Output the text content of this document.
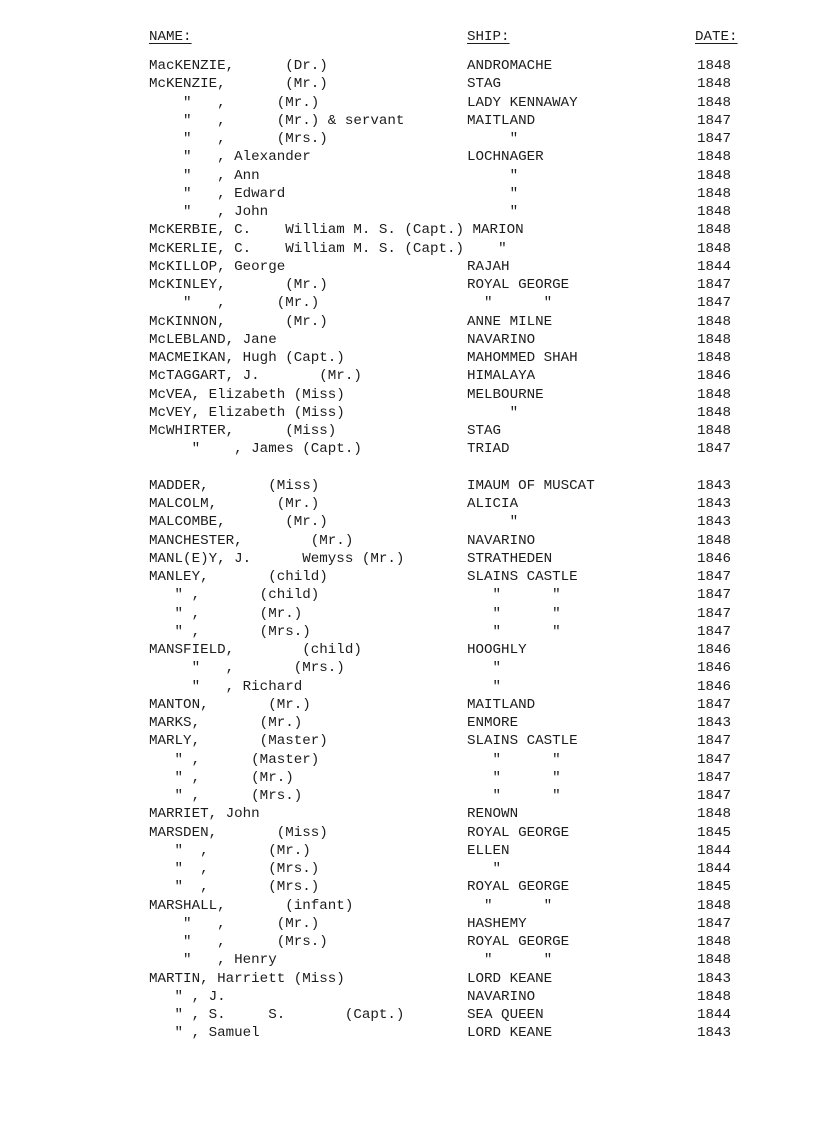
NAME:	SHIP:	DATE:
MacKENZIE,      (Dr.)	ANDROMACHE	1848
McKENZIE,       (Mr.)	STAG	1848
"   ,      (Mr.)	LADY KENNAWAY	1848
"   ,      (Mr.) & servant	MAITLAND	1847
"   ,      (Mrs.)	"	1847
"   , Alexander	LOCHNAGER	1848
"   , Ann	"	1848
"   , Edward	"	1848
"   , John	"	1848
McKERBIE, C.    William M. S. (Capt.) MARION	1848
McKERLIE, C.    William M. S. (Capt.)    "	1848
McKILLOP, George	RAJAH	1844
McKINLEY,       (Mr.)	ROYAL GEORGE	1847
"   ,      (Mr.)	"      "	1847
McKINNON,       (Mr.)	ANNE MILNE	1848
McLEBLAND, Jane	NAVARINO	1848
MACMEIKAN, Hugh (Capt.)	MAHOMMED SHAH	1848
McTAGGART, J.       (Mr.)	HIMALAYA	1846
McVEA, Elizabeth (Miss)	MELBOURNE	1848
McVEY, Elizabeth (Miss)	"	1848
McWHIRTER,      (Miss)	STAG	1848
"    , James (Capt.)	TRIAD	1847
MADDER,       (Miss)	IMAUM OF MUSCAT	1843
MALCOLM,       (Mr.)	ALICIA	1843
MALCOMBE,       (Mr.)	"	1843
MANCHESTER,        (Mr.)	NAVARINO	1848
MANL(E)Y, J.      Wemyss (Mr.)	STRATHEDEN	1846
MANLEY,       (child)	SLAINS CASTLE	1847
" ,       (child)	"      "	1847
" ,       (Mr.)	"      "	1847
" ,       (Mrs.)	"      "	1847
MANSFIELD,        (child)	HOOGHLY	1846
"   ,       (Mrs.)	"	1846
"   , Richard	"	1846
MANTON,       (Mr.)	MAITLAND	1847
MARKS,       (Mr.)	ENMORE	1843
MARLY,       (Master)	SLAINS CASTLE	1847
" ,      (Master)	"      "	1847
" ,      (Mr.)	"      "	1847
" ,      (Mrs.)	"      "	1847
MARRIET, John	RENOWN	1848
MARSDEN,       (Miss)	ROYAL GEORGE	1845
"  ,       (Mr.)	ELLEN	1844
"  ,       (Mrs.)	"	1844
"  ,       (Mrs.)	ROYAL GEORGE	1845
MARSHALL,       (infant)	"      "	1848
"   ,      (Mr.)	HASHEMY	1847
"   ,      (Mrs.)	ROYAL GEORGE	1848
"   , Henry	"      "	1848
MARTIN, Harriett (Miss)	LORD KEANE	1843
" , J.	NAVARINO	1848
" , S.     S.       (Capt.)	SEA QUEEN	1844
" , Samuel	LORD KEANE	1843
